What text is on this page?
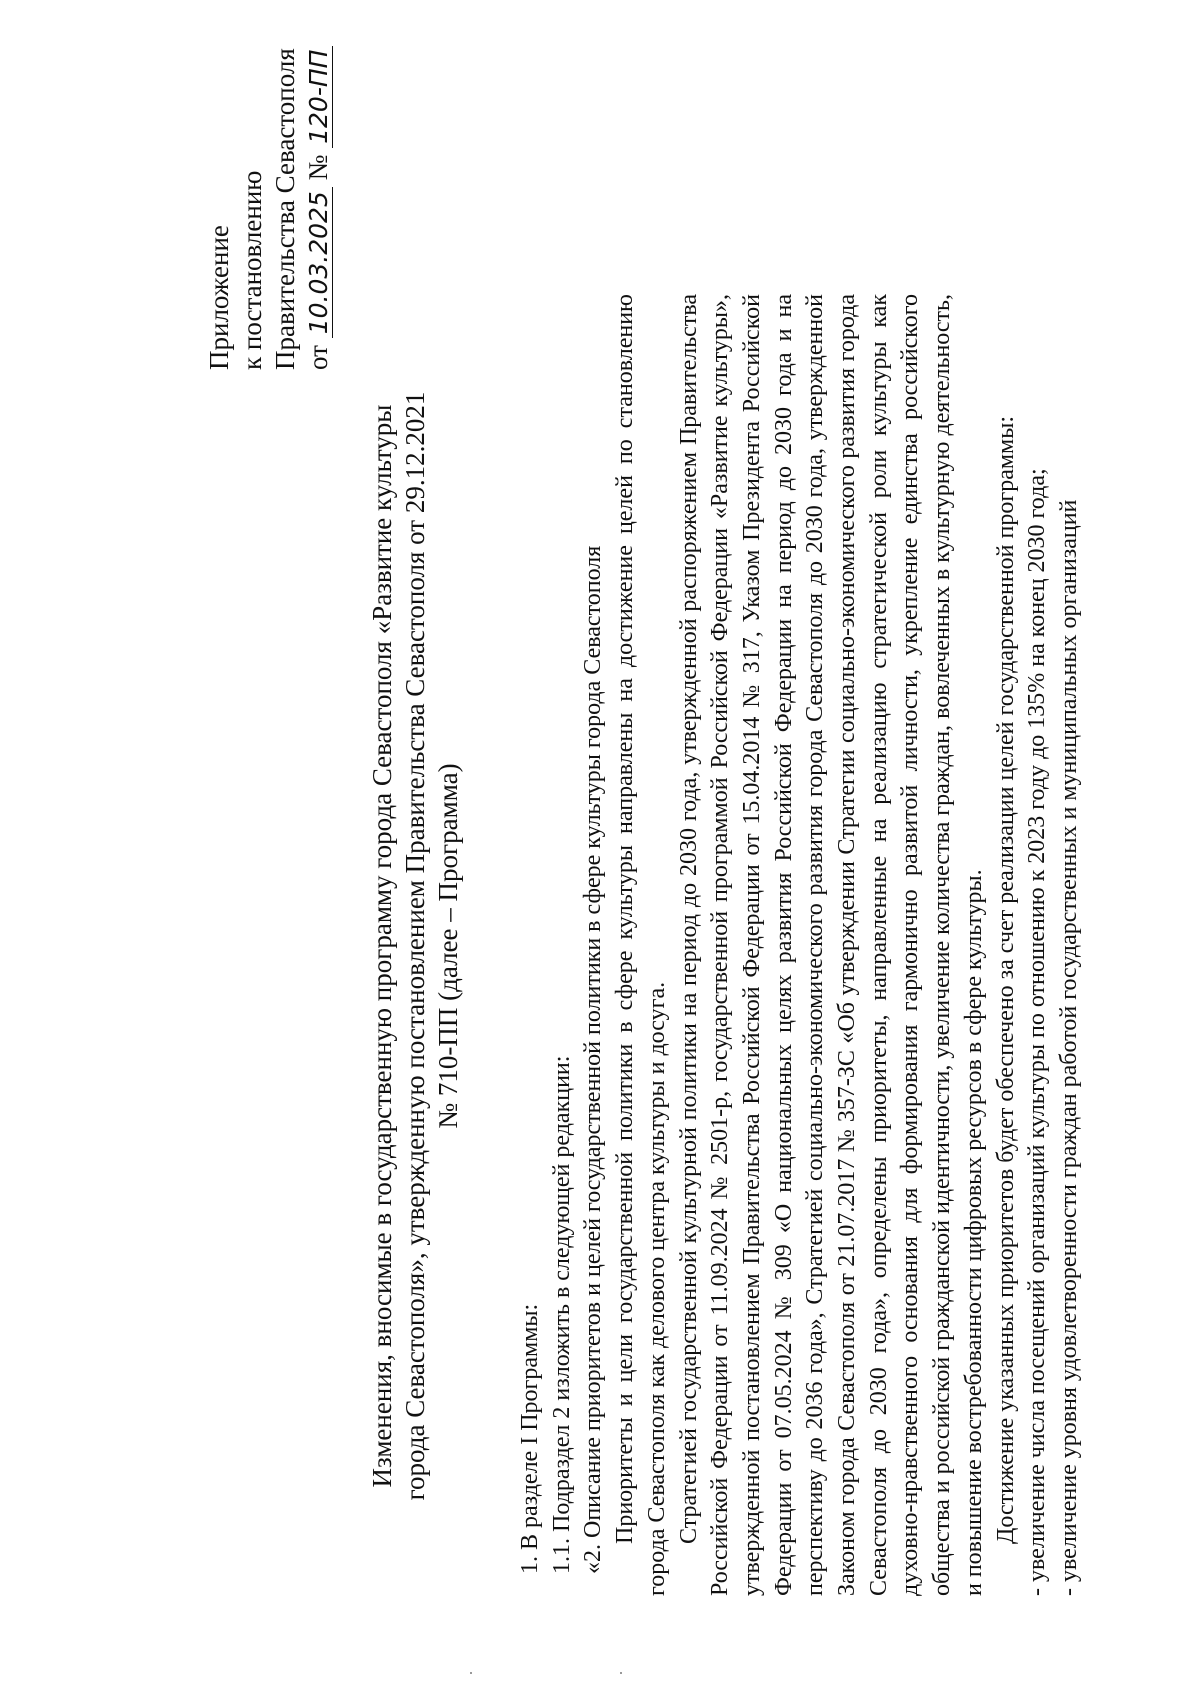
Приложение к постановлению Правительства Севастополя от 10.03.2025 № 120-ПП
Изменения, вносимые в государственную программу города Севастополя «Развитие культуры города Севастополя», утвержденную постановлением Правительства Севастополя от 29.12.2021 № 710-ПП (далее – Программа)

1. В разделе I Программы: 1.1. Подраздел 2 изложить в следующей редакции: «2. Описание приоритетов и целей государственной политики в сфере культуры города Севастополя Приоритеты и цели государственной политики в сфере культуры направлены на достижение целей по становлению города Севастополя как делового центра культуры и досуга. Стратегией государственной культурной политики на период до 2030 года, утвержденной распоряжением Правительства Российской Федерации от 11.09.2024 № 2501-р, государственной программой Российской Федерации «Развитие культуры», утвержденной постановлением Правительства Российской Федерации от 15.04.2014 № 317, Указом Президента Российской Федерации от 07.05.2024 № 309 «О национальных целях развития Российской Федерации на период до 2030 года и на перспективу до 2036 года», Стратегией социально-экономического развития города Севастополя до 2030 года, утвержденной Законом города Севастополя от 21.07.2017 № 357-ЗС «Об утверждении Стратегии социально-экономического развития города Севастополя до 2030 года», определены приоритеты, направленные на реализацию стратегической роли культуры как духовно-нравственного основания для формирования гармонично развитой личности, укрепление единства российского общества и российской гражданской идентичности, увеличение количества граждан, вовлеченных в культурную деятельность, и повышение востребованности цифровых ресурсов в сфере культуры. Достижение указанных приоритетов будет обеспечено за счет реализации целей государственной программы: - увеличение числа посещений организаций культуры по отношению к 2023 году до 135% на конец 2030 года; - увеличение уровня удовлетворенности граждан работой государственных и муниципальных организаций
